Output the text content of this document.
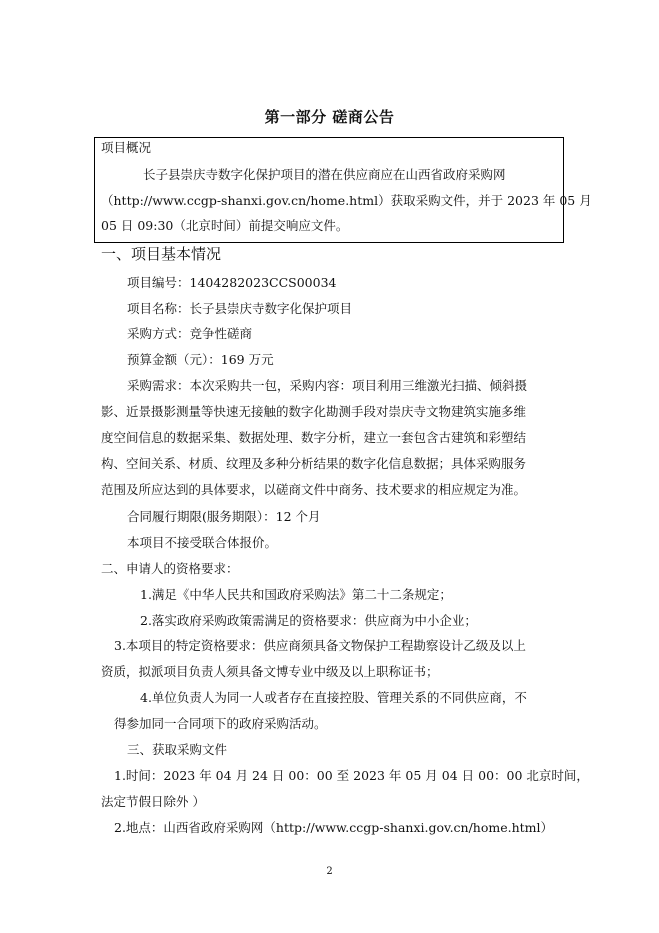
第一部分 磋商公告
项目概况
长子县崇庆寺数字化保护项目的潜在供应商应在山西省政府采购网
（http://www.ccgp-shanxi.gov.cn/home.html）获取采购文件，并于 2023 年 05 月
05 日 09:30（北京时间）前提交响应文件。
一、项目基本情况
项目编号：1404282023CCS00034
项目名称：长子县崇庆寺数字化保护项目
采购方式：竞争性磋商
预算金额（元）：169 万元
采购需求：本次采购共一包，采购内容：项目利用三维激光扫描、倾斜摄
影、近景摄影测量等快速无接触的数字化勘测手段对崇庆寺文物建筑实施多维
度空间信息的数据采集、数据处理、数字分析，建立一套包含古建筑和彩塑结
构、空间关系、材质、纹理及多种分析结果的数字化信息数据；具体采购服务
范围及所应达到的具体要求，以磋商文件中商务、技术要求的相应规定为准。
合同履行期限(服务期限）：12 个月
本项目不接受联合体报价。
二、申请人的资格要求：
1.满足《中华人民共和国政府采购法》第二十二条规定；
2.落实政府采购政策需满足的资格要求：供应商为中小企业；
3.本项目的特定资格要求：供应商须具备文物保护工程勘察设计乙级及以上
资质，拟派项目负责人须具备文博专业中级及以上职称证书；
4.单位负责人为同一人或者存在直接控股、管理关系的不同供应商，不
得参加同一合同项下的政府采购活动。
三、获取采购文件
1.时间：2023 年 04 月 24 日 00：00 至 2023 年 05 月 04 日 00：00 北京时间，
法定节假日除外 ）
2.地点：山西省政府采购网（http://www.ccgp-shanxi.gov.cn/home.html）
2
